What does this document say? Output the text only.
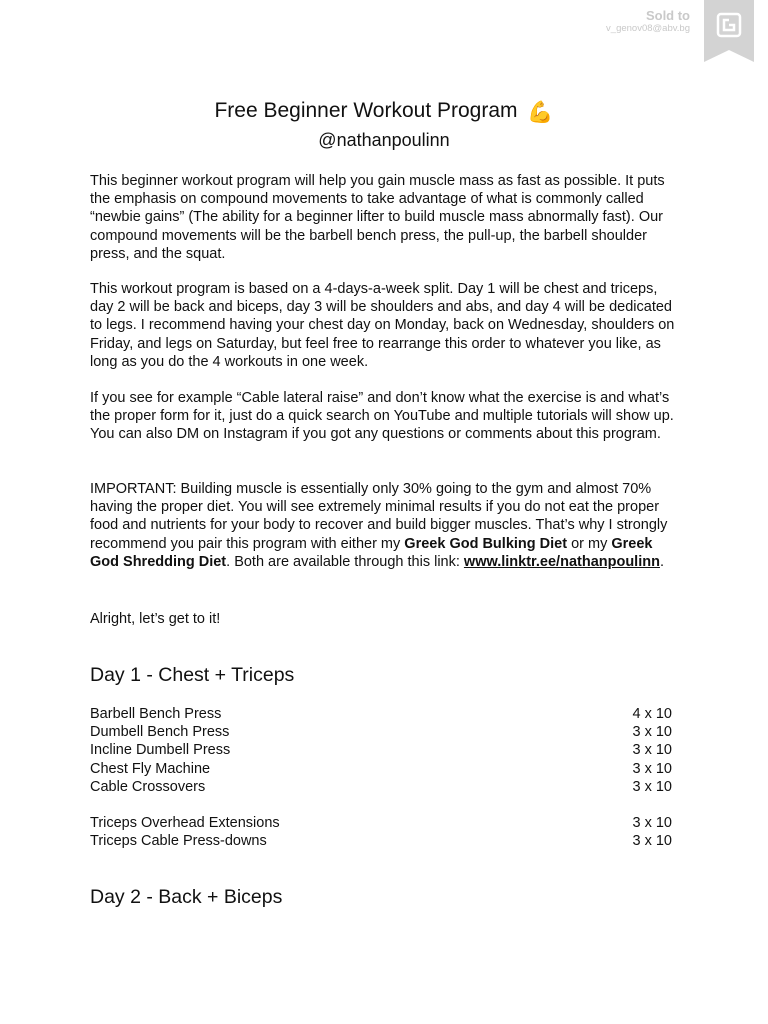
Sold to
v_genov08@abv.bg
Free Beginner Workout Program 💪
@nathanpoulinn

This beginner workout program will help you gain muscle mass as fast as possible. It puts the emphasis on compound movements to take advantage of what is commonly called “newbie gains” (The ability for a beginner lifter to build muscle mass abnormally fast). Our compound movements will be the barbell bench press, the pull-up, the barbell shoulder press, and the squat.

This workout program is based on a 4-days-a-week split. Day 1 will be chest and triceps, day 2 will be back and biceps, day 3 will be shoulders and abs, and day 4 will be dedicated to legs. I recommend having your chest day on Monday, back on Wednesday, shoulders on Friday, and legs on Saturday, but feel free to rearrange this order to whatever you like, as long as you do the 4 workouts in one week.

If you see for example “Cable lateral raise” and don’t know what the exercise is and what’s the proper form for it, just do a quick search on YouTube and multiple tutorials will show up. You can also DM on Instagram if you got any questions or comments about this program.

IMPORTANT: Building muscle is essentially only 30% going to the gym and almost 70% having the proper diet. You will see extremely minimal results if you do not eat the proper food and nutrients for your body to recover and build bigger muscles. That’s why I strongly recommend you pair this program with either my Greek God Bulking Diet or my Greek God Shredding Diet. Both are available through this link: www.linktr.ee/nathanpoulinn.

Alright, let’s get to it!

Day 1 - Chest + Triceps
Barbell Bench Press	4 x 10
Dumbell Bench Press	3 x 10
Incline Dumbell Press	3 x 10
Chest Fly Machine	3 x 10
Cable Crossovers	3 x 10
Triceps Overhead Extensions	3 x 10
Triceps Cable Press-downs	3 x 10
Day 2 - Back + Biceps
